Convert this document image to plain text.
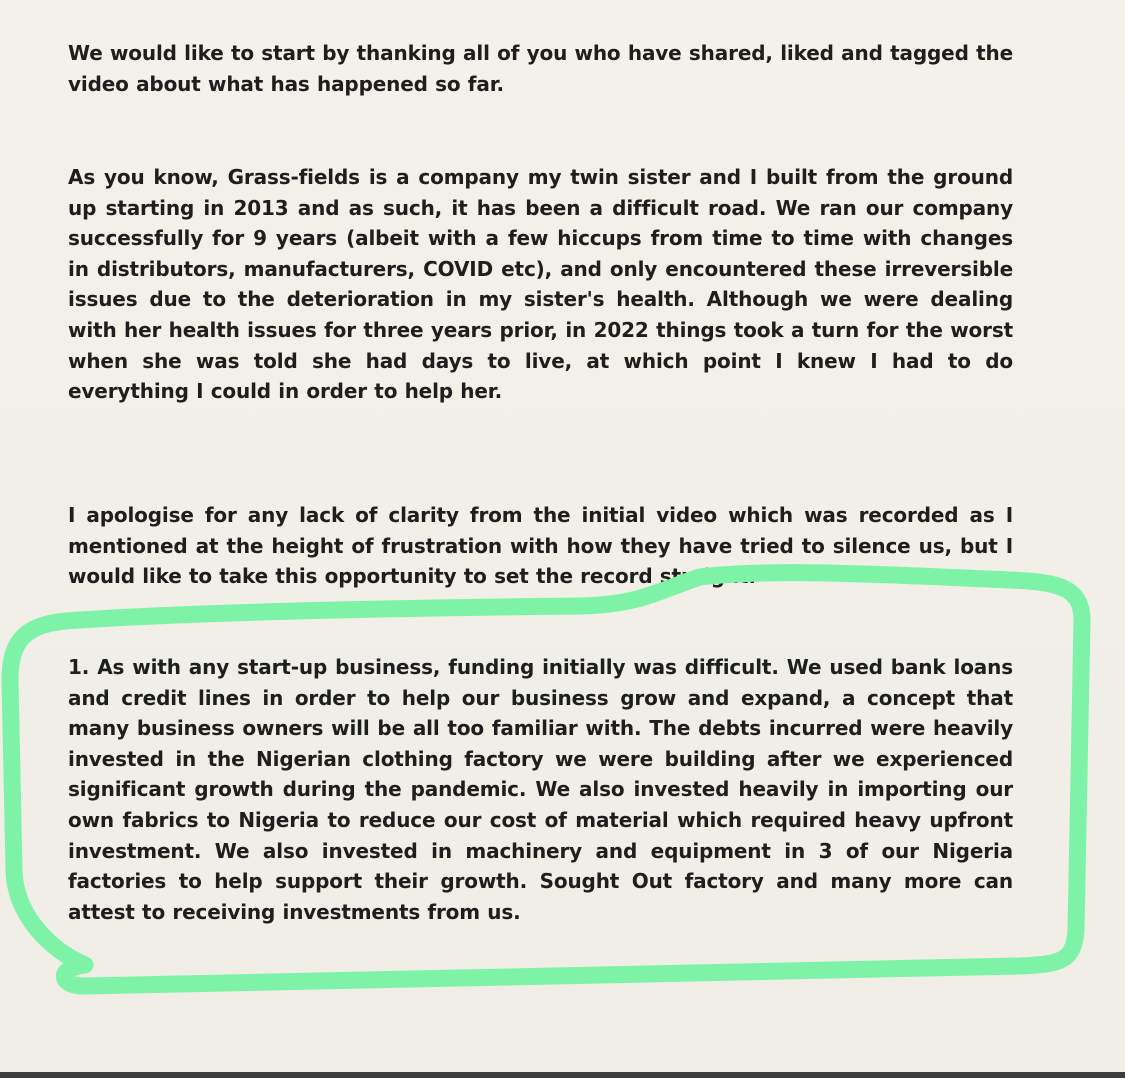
We would like to start by thanking all of you who have shared, liked and tagged the video about what has happened so far.

As you know, Grass-fields is a company my twin sister and I built from the ground up starting in 2013 and as such, it has been a difficult road. We ran our company successfully for 9 years (albeit with a few hiccups from time to time with changes in distributors, manufacturers, COVID etc), and only encountered these irreversible issues due to the deterioration in my sister's health. Although we were dealing with her health issues for three years prior, in 2022 things took a turn for the worst when she was told she had days to live, at which point I knew I had to do everything I could in order to help her.

I apologise for any lack of clarity from the initial video which was recorded as I mentioned at the height of frustration with how they have tried to silence us, but I would like to take this opportunity to set the record straight.

1. As with any start-up business, funding initially was difficult. We used bank loans and credit lines in order to help our business grow and expand, a concept that many business owners will be all too familiar with. The debts incurred were heavily invested in the Nigerian clothing factory we were building after we experienced significant growth during the pandemic. We also invested heavily in importing our own fabrics to Nigeria to reduce our cost of material which required heavy upfront investment. We also invested in machinery and equipment in 3 of our Nigeria factories to help support their growth. Sought Out factory and many more can attest to receiving investments from us.
